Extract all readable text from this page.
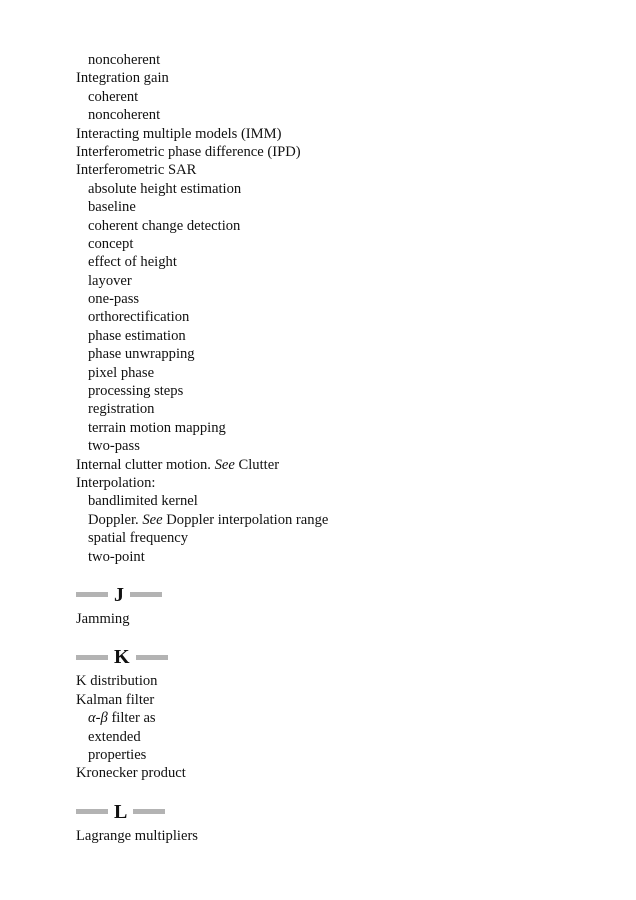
noncoherent
Integration gain
coherent
noncoherent
Interacting multiple models (IMM)
Interferometric phase difference (IPD)
Interferometric SAR
absolute height estimation
baseline
coherent change detection
concept
effect of height
layover
one-pass
orthorectification
phase estimation
phase unwrapping
pixel phase
processing steps
registration
terrain motion mapping
two-pass
Internal clutter motion. See Clutter
Interpolation:
bandlimited kernel
Doppler. See Doppler interpolation range
spatial frequency
two-point
J
Jamming
K
K distribution
Kalman filter
α-β filter as
extended
properties
Kronecker product
L
Lagrange multipliers
